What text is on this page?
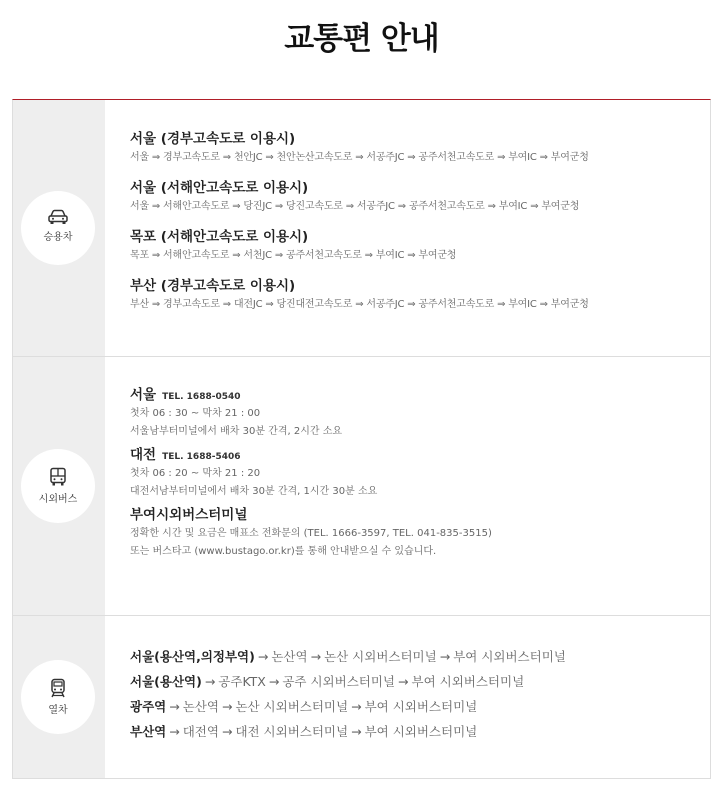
교통편 안내
승용차

서울 (경부고속도로 이용시)

서울 ⇒ 경부고속도로 ⇒ 천안JC ⇒ 천안논산고속도로 ⇒ 서공주JC ⇒ 공주서천고속도로 ⇒ 부여IC ⇒ 부여군청

서울 (서해안고속도로 이용시)

서울 ⇒ 서해안고속도로 ⇒ 당진JC ⇒ 당진고속도로 ⇒ 서공주JC ⇒ 공주서천고속도로 ⇒ 부여IC ⇒ 부여군청

목포 (서해안고속도로 이용시)

목포 ⇒ 서해안고속도로 ⇒ 서천JC ⇒ 공주서천고속도로 ⇒ 부여IC ⇒ 부여군청

부산 (경부고속도로 이용시)

부산 ⇒ 경부고속도로 ⇒ 대전JC ⇒ 당진대전고속도로 ⇒ 서공주JC ⇒ 공주서천고속도로 ⇒ 부여IC ⇒ 부여군청

시외버스
서울 TEL. 1688-0540
첫차 06 : 30 ~ 막차 21 : 00
서울남부터미널에서 배차 30분 간격, 2시간 소요
대전 TEL. 1688-5406
첫차 06 : 20 ~ 막차 21 : 20
대전서남부터미널에서 배차 30분 간격, 1시간 30분 소요
부여시외버스터미널
정확한 시간 및 요금은 매표소 전화문의 (TEL. 1666-3597, TEL. 041-835-3515)
또는 버스타고 (www.bustago.or.kr)를 통해 안내받으실 수 있습니다.
열차
서울(용산역,의정부역) → 논산역 → 논산 시외버스터미널 → 부여 시외버스터미널
서울(용산역) → 공주KTX → 공주 시외버스터미널 → 부여 시외버스터미널
광주역 → 논산역 → 논산 시외버스터미널 → 부여 시외버스터미널
부산역 → 대전역 → 대전 시외버스터미널 → 부여 시외버스터미널
